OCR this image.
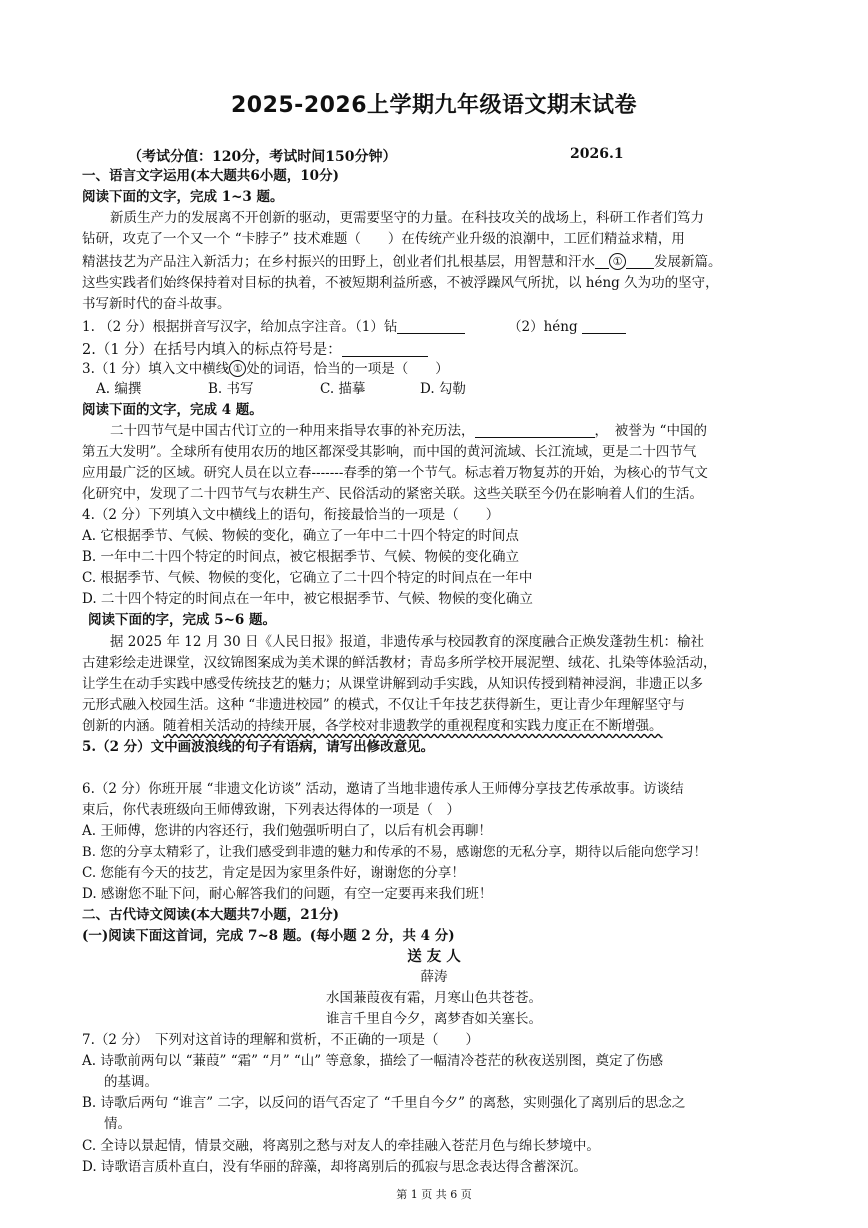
2025-2026上学期九年级语文期末试卷
（考试分值：120分，考试时间150分钟）	2026.1
一、语言文字运用(本大题共6小题，10分)
阅读下面的文字，完成 1~3 题。
新质生产力的发展离不开创新的驱动，更需要坚守的力量。在科技攻关的战场上，科研工作者们笃力
钻研，攻克了一个又一个 “卡脖子” 技术难题（　　）在传统产业升级的浪潮中，工匠们精益求精，用
精湛技艺为产品注入新活力；在乡村振兴的田野上，创业者们扎根基层，用智慧和汗水 ① 发展新篇。
这些实践者们始终保持着对目标的执着，不被短期利益所惑，不被浮躁风气所扰，以 héng 久为功的坚守，
书写新时代的奋斗故事。
1. （2 分）根据拼音写汉字，给加点字注音。（1）钻	（2）héng
2.（1 分）在括号内填入的标点符号是：
3.（1 分）填入文中横线 ① 处的词语，恰当的一项是（　　）
A. 编撰	B. 书写	C. 描摹	D. 勾勒
阅读下面的文字，完成 4 题。
二十四节气是中国古代订立的一种用来指导农事的补充历法，	，　被誉为 “中国的
第五大发明”。全球所有使用农历的地区都深受其影响，而中国的黄河流域、长江流域，更是二十四节气
应用最广泛的区域。研究人员在以立春-------春季的第一个节气。标志着万物复苏的开始，为核心的节气文
化研究中，发现了二十四节气与农耕生产、民俗活动的紧密关联。这些关联至今仍在影响着人们的生活。
4.（2 分）下列填入文中横线上的语句，衔接最恰当的一项是（　　）
A. 它根据季节、气候、物候的变化，确立了一年中二十四个特定的时间点
B. 一年中二十四个特定的时间点，被它根据季节、气候、物候的变化确立
C. 根据季节、气候、物候的变化，它确立了二十四个特定的时间点在一年中
D. 二十四个特定的时间点在一年中，被它根据季节、气候、物候的变化确立
阅读下面的字，完成 5~6 题。
据 2025 年 12 月 30 日《人民日报》报道，非遗传承与校园教育的深度融合正焕发蓬勃生机：榆社
古建彩绘走进课堂，汉纹锦图案成为美术课的鲜活教材；青岛多所学校开展泥塑、绒花、扎染等体验活动，
让学生在动手实践中感受传统技艺的魅力；从课堂讲解到动手实践，从知识传授到精神浸润，非遗正以多
元形式融入校园生活。这种 “非遗进校园” 的模式，不仅让千年技艺获得新生，更让青少年理解坚守与
创新的内涵。随着相关活动的持续开展，各学校对非遗教学的重视程度和实践力度正在不断增强。
5.（2 分）文中画波浪线的句子有语病，请写出修改意见。
6.（2 分）你班开展 “非遗文化访谈” 活动，邀请了当地非遗传承人王师傅分享技艺传承故事。访谈结
束后，你代表班级向王师傅致谢，下列表达得体的一项是（　）
A. 王师傅，您讲的内容还行，我们勉强听明白了，以后有机会再聊！
B. 您的分享太精彩了，让我们感受到非遗的魅力和传承的不易，感谢您的无私分享，期待以后能向您学习！
C. 您能有今天的技艺，肯定是因为家里条件好，谢谢您的分享！
D. 感谢您不耻下问，耐心解答我们的问题，有空一定要再来我们班！
二、古代诗文阅读(本大题共7小题，21分)
(一)阅读下面这首词，完成 7~8 题。(每小题 2 分，共 4 分)
送 友 人
薛涛
水国蒹葭夜有霜，月寒山色共苍苍。
谁言千里自今夕，离梦杳如关塞长。
7.（2 分）　下列对这首诗的理解和赏析，不正确的一项是（　　）
A. 诗歌前两句以 “蒹葭” “霜” “月” “山” 等意象，描绘了一幅清冷苍茫的秋夜送别图，奠定了伤感
的基调。
B. 诗歌后两句 “谁言” 二字，以反问的语气否定了 “千里自今夕” 的离愁，实则强化了离别后的思念之
情。
第 1 页 共 6 页
C. 全诗以景起情，情景交融，将离别之愁与对友人的牵挂融入苍茫月色与绵长梦境中。
D. 诗歌语言质朴直白，没有华丽的辞藻，却将离别后的孤寂与思念表达得含蓄深沉。
